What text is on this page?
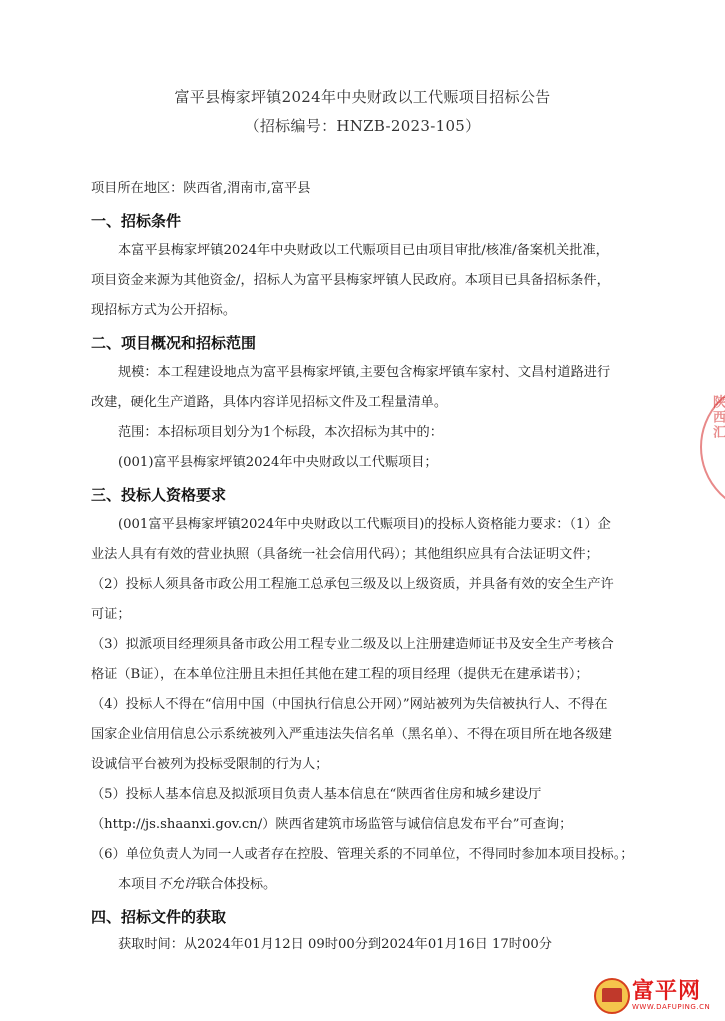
富平县梅家坪镇2024年中央财政以工代赈项目招标公告
（招标编号：HNZB-2023-105）
项目所在地区：陕西省,渭南市,富平县
一、招标条件
本富平县梅家坪镇2024年中央财政以工代赈项目已由项目审批/核准/备案机关批准，
项目资金来源为其他资金/，招标人为富平县梅家坪镇人民政府。本项目已具备招标条件，
现招标方式为公开招标。
二、项目概况和招标范围
规模：本工程建设地点为富平县梅家坪镇,主要包含梅家坪镇车家村、文昌村道路进行
改建，硬化生产道路，具体内容详见招标文件及工程量清单。
范围：本招标项目划分为1个标段，本次招标为其中的：
(001)富平县梅家坪镇2024年中央财政以工代赈项目；
三、投标人资格要求
(001富平县梅家坪镇2024年中央财政以工代赈项目)的投标人资格能力要求：（1）企
业法人具有有效的营业执照（具备统一社会信用代码）；其他组织应具有合法证明文件；
（2）投标人须具备市政公用工程施工总承包三级及以上级资质，并具备有效的安全生产许
可证；
（3）拟派项目经理须具备市政公用工程专业二级及以上注册建造师证书及安全生产考核合
格证（B证），在本单位注册且未担任其他在建工程的项目经理（提供无在建承诺书）；
（4）投标人不得在“信用中国（中国执行信息公开网）”网站被列为失信被执行人、不得在
国家企业信用信息公示系统被列入严重违法失信名单（黑名单）、不得在项目所在地各级建
设诚信平台被列为投标受限制的行为人；
（5）投标人基本信息及拟派项目负责人基本信息在“陕西省住房和城乡建设厅
（http://js.shaanxi.gov.cn/）陕西省建筑市场监管与诚信信息发布平台”可查询；
（6）单位负责人为同一人或者存在控股、管理关系的不同单位，不得同时参加本项目投标。；
本项目不允许联合体投标。
四、招标文件的获取
获取时间：从2024年01月12日 09时00分到2024年01月16日 17时00分
陕西汇
富平网
WWW.DAFUPING.CN
